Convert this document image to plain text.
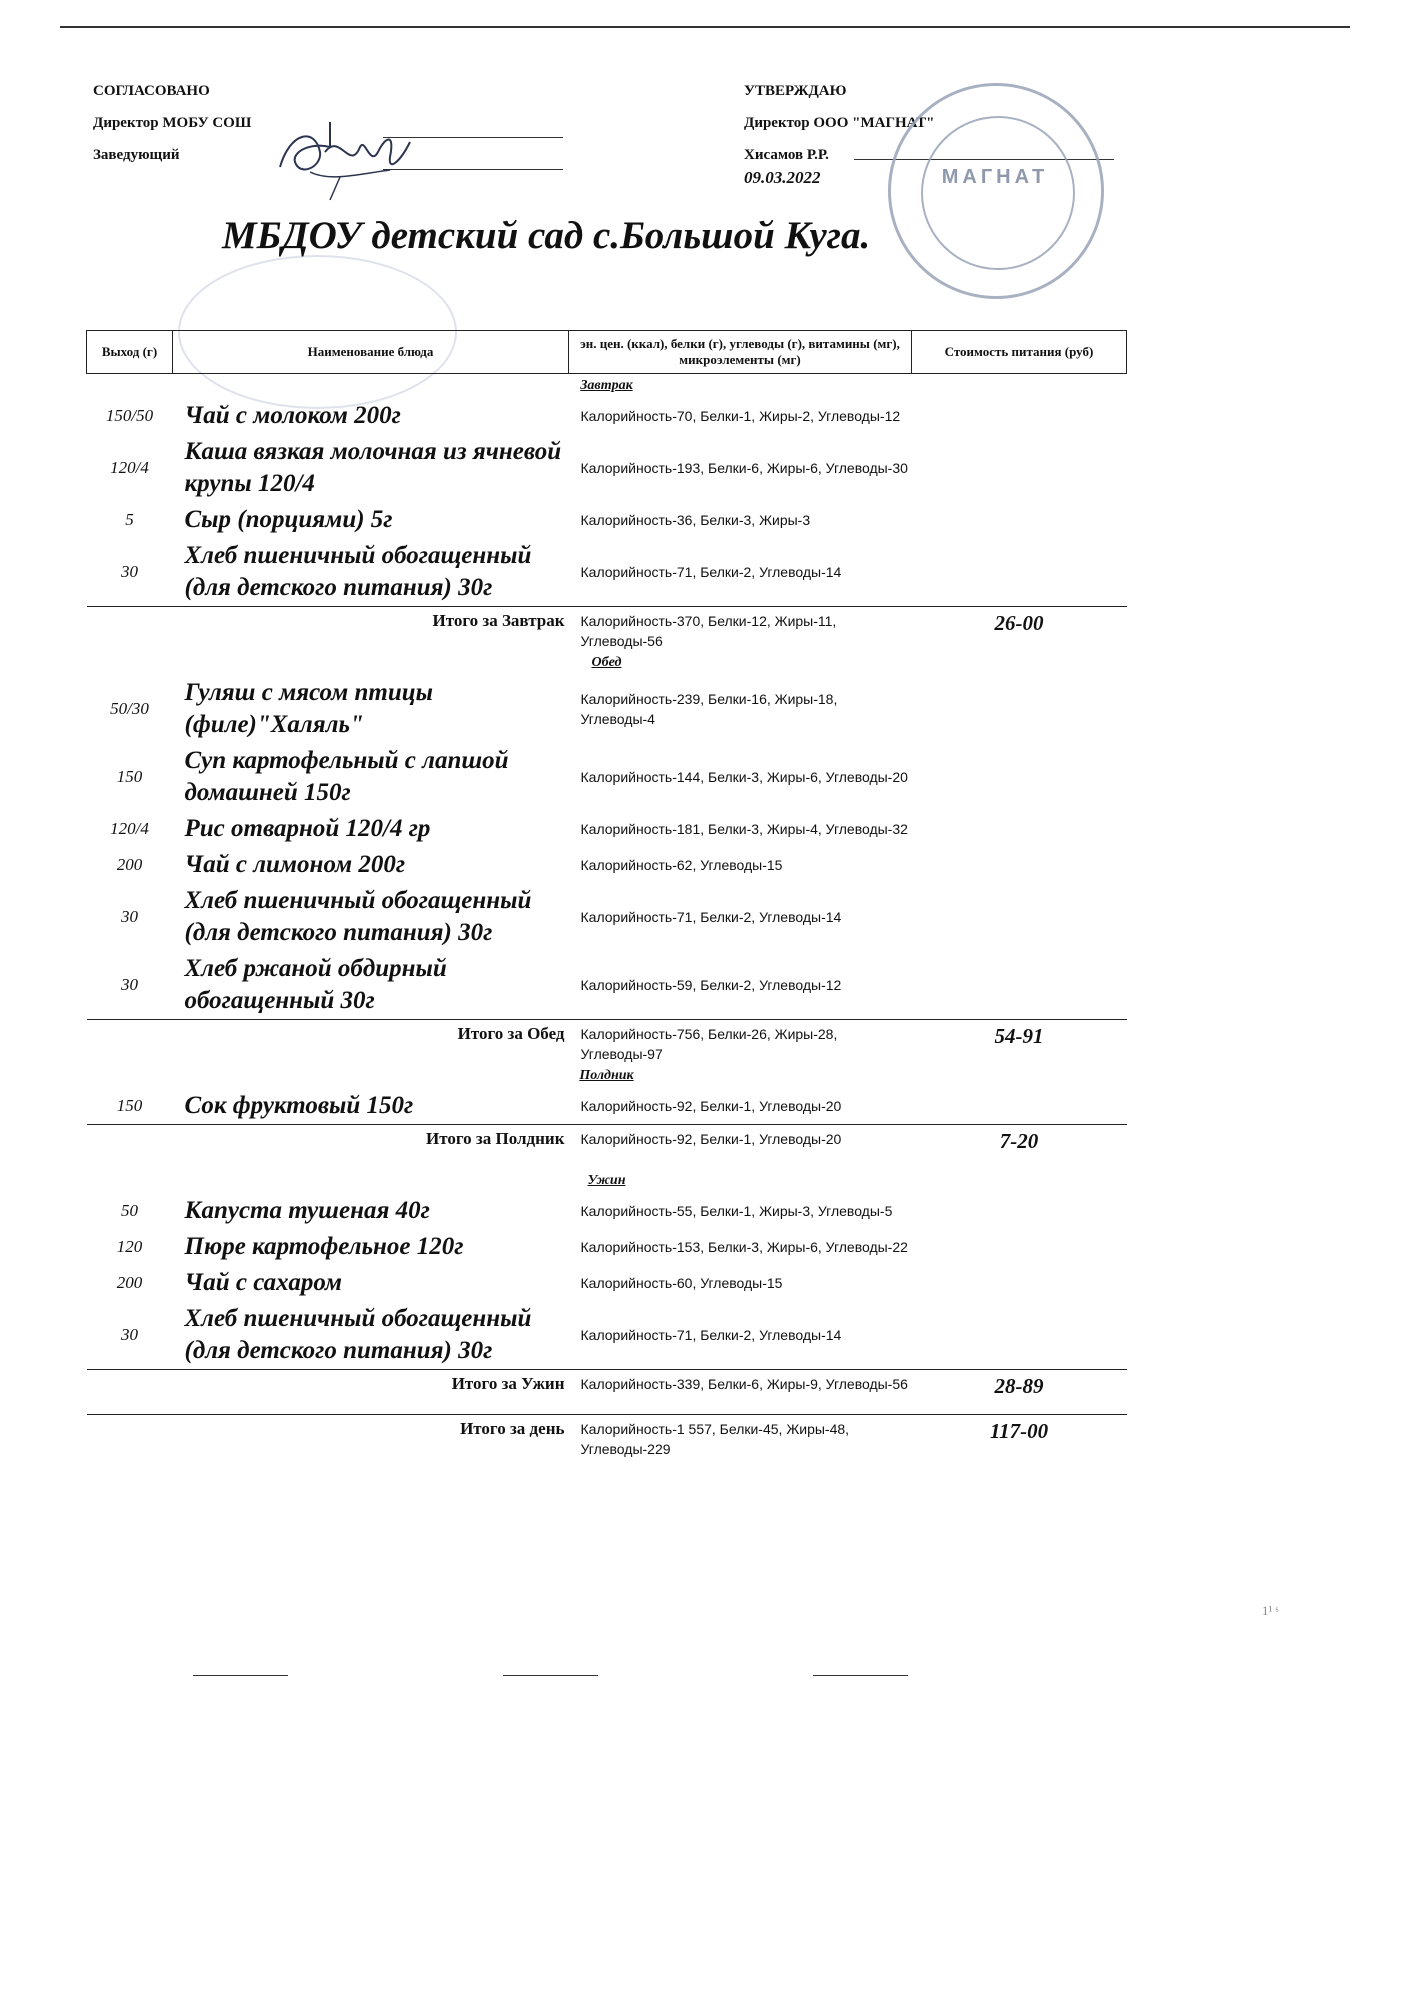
СОГЛАСОВАНО
Директор МОБУ СОШ
Заведующий
УТВЕРЖДАЮ
Директор ООО "МАГНАТ"
Хисамов Р.Р.
09.03.2022	МАГНАТ
МБДОУ детский сад с.Большой Куга.
Выход (г)	Наименование блюда	эн. цен. (ккал), белки (г), углеводы (г), витамины (мг), микроэлементы (мг)	Стоимость питания (руб)
Завтрак			
150/50	Чай с молоком 200г	Калорийность-70, Белки-1, Жиры-2, Углеводы-12	
120/4	Каша вязкая молочная из ячневой крупы 120/4	Калорийность-193, Белки-6, Жиры-6, Углеводы-30	
5	Сыр (порциями) 5г	Калорийность-36, Белки-3, Жиры-3	
30	Хлеб пшеничный обогащенный (для детского питания) 30г	Калорийность-71, Белки-2, Углеводы-14	
	Итого за Завтрак	Калорийность-370, Белки-12, Жиры-11, Углеводы-56	26-00
Обед			
50/30	Гуляш с мясом птицы (филе)"Халяль"	Калорийность-239, Белки-16, Жиры-18, Углеводы-4	
150	Суп картофельный с лапшой домашней 150г	Калорийность-144, Белки-3, Жиры-6, Углеводы-20	
120/4	Рис отварной 120/4 гр	Калорийность-181, Белки-3, Жиры-4, Углеводы-32	
200	Чай с лимоном 200г	Калорийность-62, Углеводы-15	
30	Хлеб пшеничный обогащенный (для детского питания) 30г	Калорийность-71, Белки-2, Углеводы-14	
30	Хлеб ржаной обдирный обогащенный 30г	Калорийность-59, Белки-2, Углеводы-12	
	Итого за Обед	Калорийность-756, Белки-26, Жиры-28, Углеводы-97	54-91
Полдник			
150	Сок фруктовый 150г	Калорийность-92, Белки-1, Углеводы-20	
	Итого за Полдник	Калорийность-92, Белки-1, Углеводы-20	7-20
Ужин			
50	Капуста тушеная 40г	Калорийность-55, Белки-1, Жиры-3, Углеводы-5	
120	Пюре картофельное 120г	Калорийность-153, Белки-3, Жиры-6, Углеводы-22	
200	Чай с сахаром	Калорийность-60, Углеводы-15	
30	Хлеб пшеничный обогащенный (для детского питания) 30г	Калорийность-71, Белки-2, Углеводы-14	
	Итого за Ужин	Калорийность-339, Белки-6, Жиры-9, Углеводы-56	28-89
	Итого за день	Калорийность-1 557, Белки-45, Жиры-48, Углеводы-229	117-00
1¹ ˢ
